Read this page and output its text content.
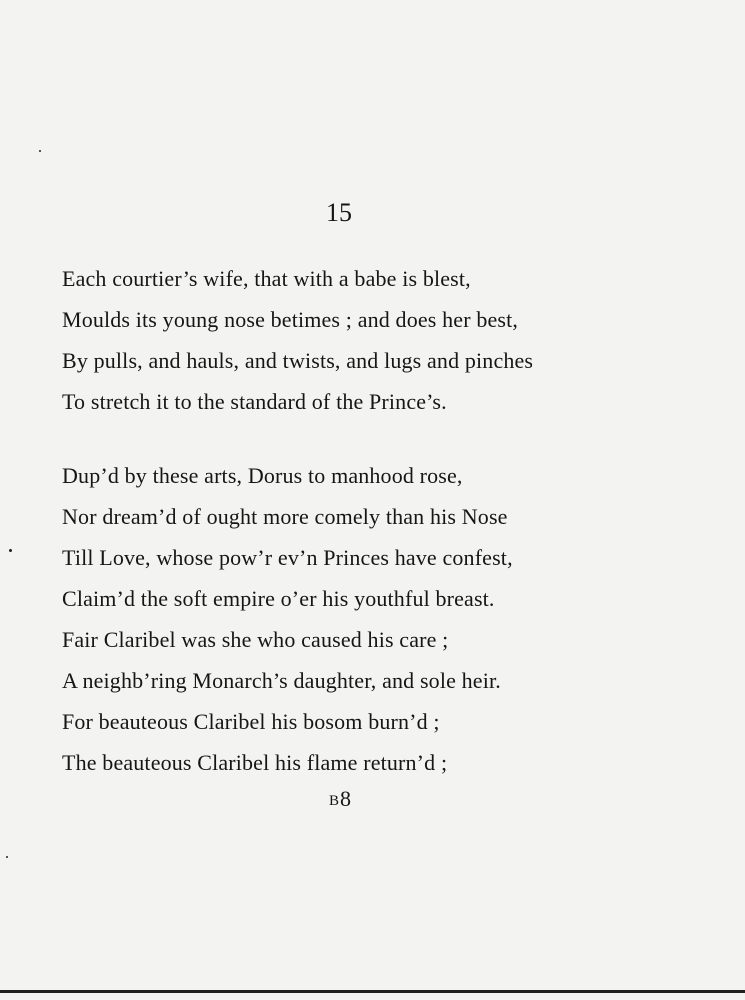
15
Each courtier’s wife, that with a babe is blest,
Moulds its young nose betimes ; and does her best,
By pulls, and hauls, and twists, and lugs and pinches
To stretch it to the standard of the Prince’s.
Dup’d by these arts, Dorus to manhood rose,
Nor dream’d of ought more comely than his Nose
Till Love, whose pow’r ev’n Princes have confest,
Claim’d the soft empire o’er his youthful breast.
Fair Claribel was she who caused his care ;
A neighb’ring Monarch’s daughter, and sole heir.
For beauteous Claribel his bosom burn’d ;
The beauteous Claribel his flame return’d ;
B8
